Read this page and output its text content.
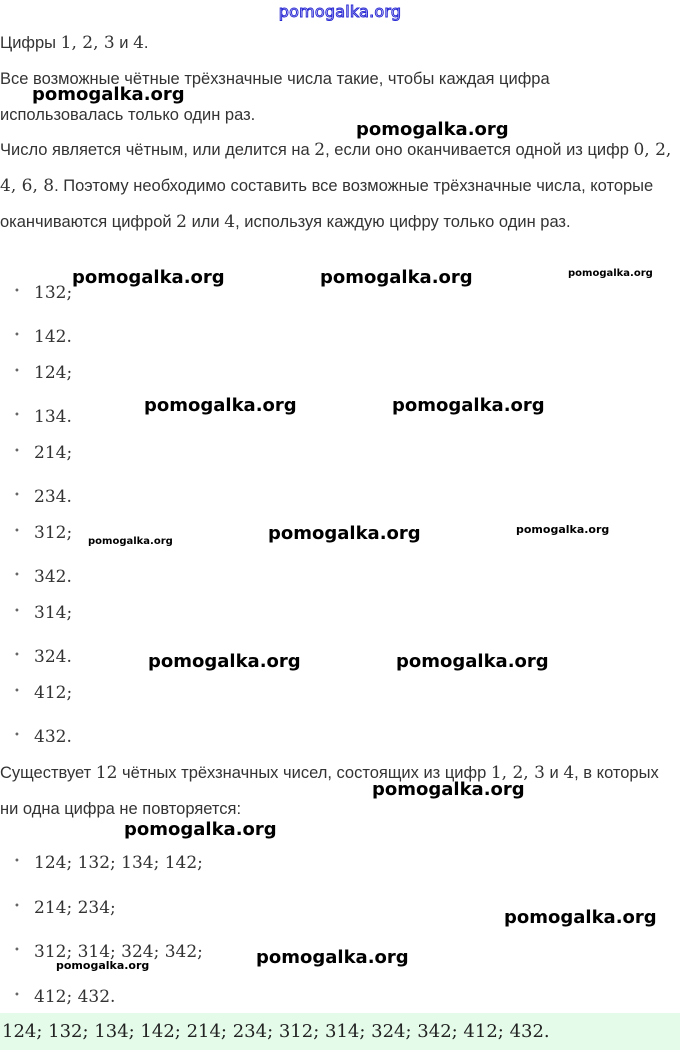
pomogalka.org

Цифры 1, 2, 3 и 4.

Все возможные чётные трёхзначные числа такие, чтобы каждая цифра использовалась только один раз.

Число является чётным, или делится на 2, если оно оканчивается одной из цифр 0, 2, 4, 6, 8. Поэтому необходимо составить все возможные трёхзначные числа, которые оканчиваются цифрой 2 или 4, используя каждую цифру только один раз.

•132;
•142.
•124;
•134.
•214;
•234.
•312;
•342.
•314;
•324.
•412;
•432.

Существует 12 чётных трёхзначных чисел, состоящих из цифр 1, 2, 3 и 4, в которых ни одна цифра не повторяется:

•124; 132; 134; 142;
•214; 234;
•312; 314; 324; 342;
•412; 432.
124; 132; 134; 142; 214; 234; 312; 314; 324; 342; 412; 432.
pomogalka.org
pomogalka.org
pomogalka.org	pomogalka.org	pomogalka.org
pomogalka.org	pomogalka.org
pomogalka.org	pomogalka.org	pomogalka.org
pomogalka.org	pomogalka.org
pomogalka.org
pomogalka.org
pomogalka.org
pomogalka.org
pomogalka.org
